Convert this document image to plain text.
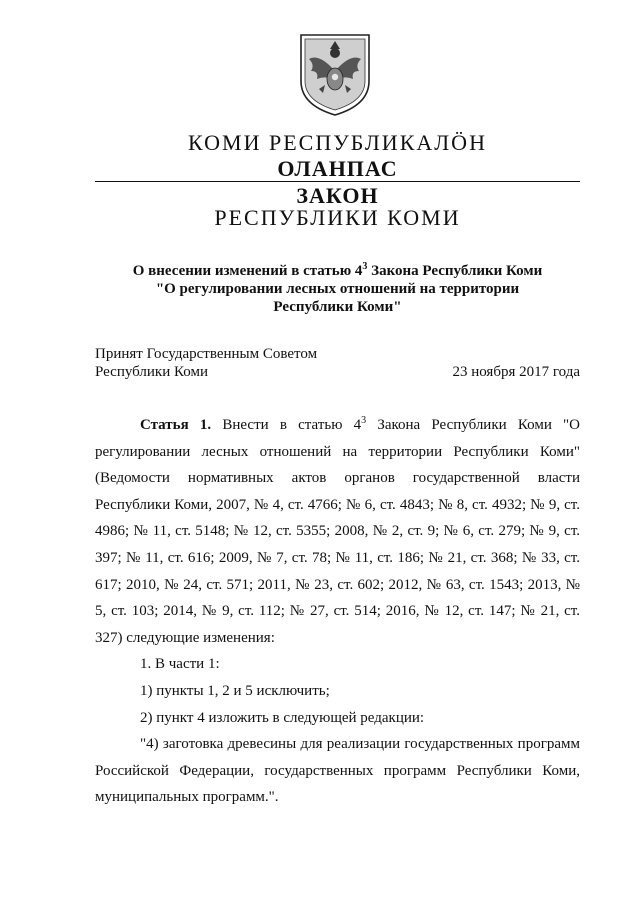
КОМИ РЕСПУБЛИКАЛÖН
ОЛАНПАС
ЗАКОН
РЕСПУБЛИКИ КОМИ
О внесении изменений в статью $4^3$ Закона Республики Коми
"О регулировании лесных отношений на территории
Республики Коми"
Принят Государственным Советом
Республики Коми	23 ноября 2017 года

Статья 1. Внести в статью $4^3$ Закона Республики Коми "О регулировании лесных отношений на территории Республики Коми" (Ведомости нормативных актов органов государственной власти Республики Коми, 2007, № 4, ст. 4766; № 6, ст. 4843; № 8, ст. 4932; № 9, ст. 4986; № 11, ст. 5148; № 12, ст. 5355; 2008, № 2, ст. 9; № 6, ст. 279; № 9, ст. 397; № 11, ст. 616; 2009, № 7, ст. 78; № 11, ст. 186; № 21, ст. 368; № 33, ст. 617; 2010, № 24, ст. 571; 2011, № 23, ст. 602; 2012, № 63, ст. 1543; 2013, № 5, ст. 103; 2014, № 9, ст. 112; № 27, ст. 514; 2016, № 12, ст. 147; № 21, ст. 327) следующие изменения:

1. В части 1:

1) пункты 1, 2 и 5 исключить;

2) пункт 4 изложить в следующей редакции:

"4) заготовка древесины для реализации государственных программ Российской Федерации, государственных программ Республики Коми, муниципальных программ.".
